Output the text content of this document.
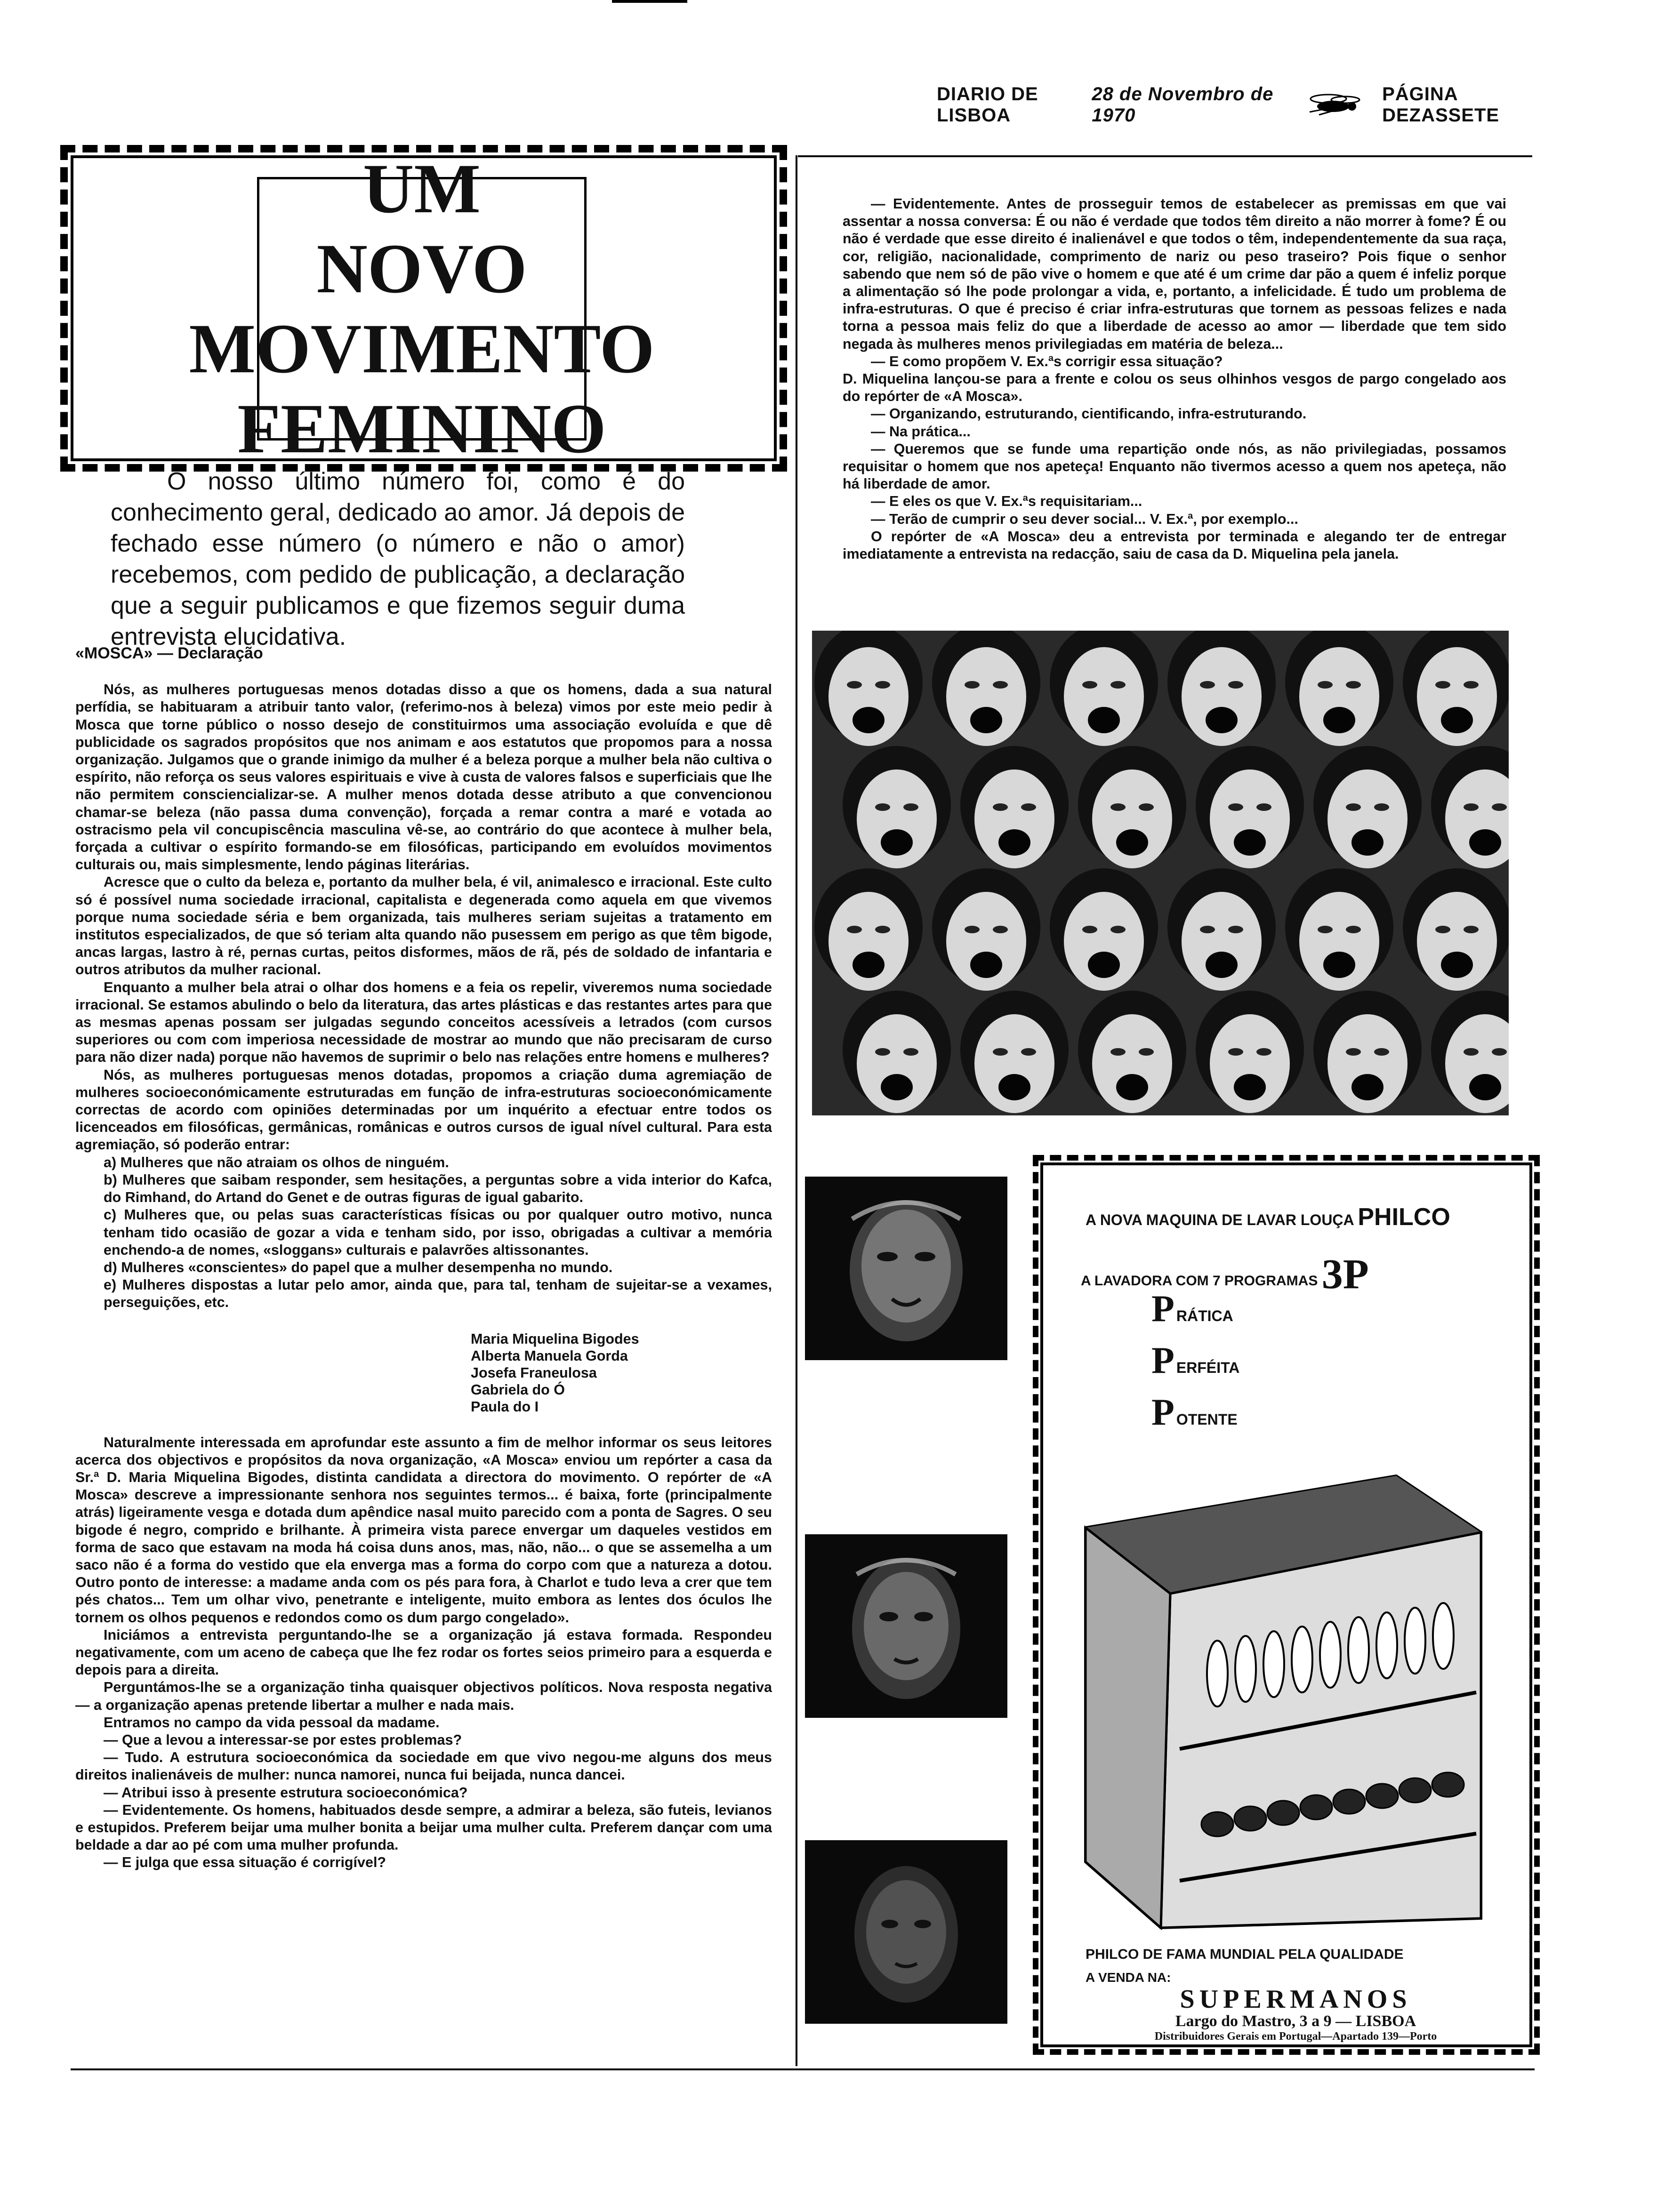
DIARIO DE LISBOA
28 de Novembro de 1970
PÁGINA DEZASSETE
UM NOVO
MOVIMENTO
FEMININO

O nosso último número foi, como é do conhecimento geral, dedicado ao amor. Já depois de fechado esse número (o número e não o amor) recebemos, com pedido de publicação, a declaração que a seguir publicamos e que fizemos seguir duma entrevista elucidativa.

«MOSCA» — Declaração

Nós, as mulheres portuguesas menos dotadas disso a que os homens, dada a sua natural perfídia, se habituaram a atribuir tanto valor, (referimo-nos à beleza) vimos por este meio pedir à Mosca que torne público o nosso desejo de constituirmos uma associação evoluída e que dê publicidade os sagrados propósitos que nos animam e aos estatutos que propomos para a nossa organização. Julgamos que o grande inimigo da mulher é a beleza porque a mulher bela não cultiva o espírito, não reforça os seus valores espirituais e vive à custa de valores falsos e superficiais que lhe não permitem consciencializar-se. A mulher menos dotada desse atributo a que convencionou chamar-se beleza (não passa duma convenção), forçada a remar contra a maré e votada ao ostracismo pela vil concupiscência masculina vê-se, ao contrário do que acontece à mulher bela, forçada a cultivar o espírito formando-se em filosóficas, participando em evoluídos movimentos culturais ou, mais simplesmente, lendo páginas literárias.

Acresce que o culto da beleza e, portanto da mulher bela, é vil, animalesco e irracional. Este culto só é possível numa sociedade irracional, capitalista e degenerada como aquela em que vivemos porque numa sociedade séria e bem organizada, tais mulheres seriam sujeitas a tratamento em institutos especializados, de que só teriam alta quando não pusessem em perigo as que têm bigode, ancas largas, lastro à ré, pernas curtas, peitos disformes, mãos de rã, pés de soldado de infantaria e outros atributos da mulher racional.

Enquanto a mulher bela atrai o olhar dos homens e a feia os repelir, viveremos numa sociedade irracional. Se estamos abulindo o belo da literatura, das artes plásticas e das restantes artes para que as mesmas apenas possam ser julgadas segundo conceitos acessíveis a letrados (com cursos superiores ou com com imperiosa necessidade de mostrar ao mundo que não precisaram de curso para não dizer nada) porque não havemos de suprimir o belo nas relações entre homens e mulheres?

Nós, as mulheres portuguesas menos dotadas, propomos a criação duma agremiação de mulheres socioeconómicamente estruturadas em função de infra-estruturas socioeconómicamente correctas de acordo com opiniões determinadas por um inquérito a efectuar entre todos os licenceados em filosóficas, germânicas, românicas e outros cursos de igual nível cultural. Para esta agremiação, só poderão entrar:

a) Mulheres que não atraiam os olhos de ninguém.

b) Mulheres que saibam responder, sem hesitações, a perguntas sobre a vida interior do Kafca, do Rimhand, do Artand do Genet e de outras figuras de igual gabarito.

c) Mulheres que, ou pelas suas características físicas ou por qualquer outro motivo, nunca tenham tido ocasião de gozar a vida e tenham sido, por isso, obrigadas a cultivar a memória enchendo-a de nomes, «sloggans» culturais e palavrões altissonantes.

d) Mulheres «conscientes» do papel que a mulher desempenha no mundo.

e) Mulheres dispostas a lutar pelo amor, ainda que, para tal, tenham de sujeitar-se a vexames, perseguições, etc.

Maria Miquelina Bigodes
Alberta Manuela Gorda
Josefa Franeulosa
Gabriela do Ó
Paula do I

Naturalmente interessada em aprofundar este assunto a fim de melhor informar os seus leitores acerca dos objectivos e propósitos da nova organização, «A Mosca» enviou um repórter a casa da Sr.ª D. Maria Miquelina Bigodes, distinta candidata a directora do movimento. O repórter de «A Mosca» descreve a impressionante senhora nos seguintes termos... é baixa, forte (principalmente atrás) ligeiramente vesga e dotada dum apêndice nasal muito parecido com a ponta de Sagres. O seu bigode é negro, comprido e brilhante. À primeira vista parece envergar um daqueles vestidos em forma de saco que estavam na moda há coisa duns anos, mas, não, não... o que se assemelha a um saco não é a forma do vestido que ela enverga mas a forma do corpo com que a natureza a dotou. Outro ponto de interesse: a madame anda com os pés para fora, à Charlot e tudo leva a crer que tem pés chatos... Tem um olhar vivo, penetrante e inteligente, muito embora as lentes dos óculos lhe tornem os olhos pequenos e redondos como os dum pargo congelado».

Iniciámos a entrevista perguntando-lhe se a organização já estava formada. Respondeu negativamente, com um aceno de cabeça que lhe fez rodar os fortes seios primeiro para a esquerda e depois para a direita.

Perguntámos-lhe se a organização tinha quaisquer objectivos políticos. Nova resposta negativa — a organização apenas pretende libertar a mulher e nada mais.

Entramos no campo da vida pessoal da madame.

— Que a levou a interessar-se por estes problemas?

— Tudo. A estrutura socioeconómica da sociedade em que vivo negou-me alguns dos meus direitos inalienáveis de mulher: nunca namorei, nunca fui beijada, nunca dancei.

— Atribui isso à presente estrutura socioeconómica?

— Evidentemente. Os homens, habituados desde sempre, a admirar a beleza, são futeis, levianos e estupidos. Preferem beijar uma mulher bonita a beijar uma mulher culta. Preferem dançar com uma beldade a dar ao pé com uma mulher profunda.

— E julga que essa situação é corrigível?

— Evidentemente. Antes de prosseguir temos de estabelecer as premissas em que vai assentar a nossa conversa: É ou não é verdade que todos têm direito a não morrer à fome? É ou não é verdade que esse direito é inalienável e que todos o têm, independentemente da sua raça, cor, religião, nacionalidade, comprimento de nariz ou peso traseiro? Pois fique o senhor sabendo que nem só de pão vive o homem e que até é um crime dar pão a quem é infeliz porque a alimentação só lhe pode prolongar a vida, e, portanto, a infelicidade. É tudo um problema de infra-estruturas. O que é preciso é criar infra-estruturas que tornem as pessoas felizes e nada torna a pessoa mais feliz do que a liberdade de acesso ao amor — liberdade que tem sido negada às mulheres menos privilegiadas em matéria de beleza...

— E como propõem V. Ex.ªs corrigir essa situação?

D. Miquelina lançou-se para a frente e colou os seus olhinhos vesgos de pargo congelado aos do repórter de «A Mosca».

— Organizando, estruturando, cientificando, infra-estruturando.

— Na prática...

— Queremos que se funde uma repartição onde nós, as não privilegiadas, possamos requisitar o homem que nos apeteça! Enquanto não tivermos acesso a quem nos apeteça, não há liberdade de amor.

— E eles os que V. Ex.ªs requisitariam...

— Terão de cumprir o seu dever social... V. Ex.ª, por exemplo...

O repórter de «A Mosca» deu a entrevista por terminada e alegando ter de entregar imediatamente a entrevista na redacção, saiu de casa da D. Miquelina pela janela.

A NOVA MAQUINA DE LAVAR LOUÇA PHILCO
A LAVADORA COM 7 PROGRAMAS 3P
PRÁTICA
PERFÉITA
POTENTE
PHILCO DE FAMA MUNDIAL PELA QUALIDADE
A VENDA NA:
SUPERMANOS
Largo do Mastro, 3 a 9 — LISBOA
Distribuidores Gerais em Portugal—Apartado 139—Porto
